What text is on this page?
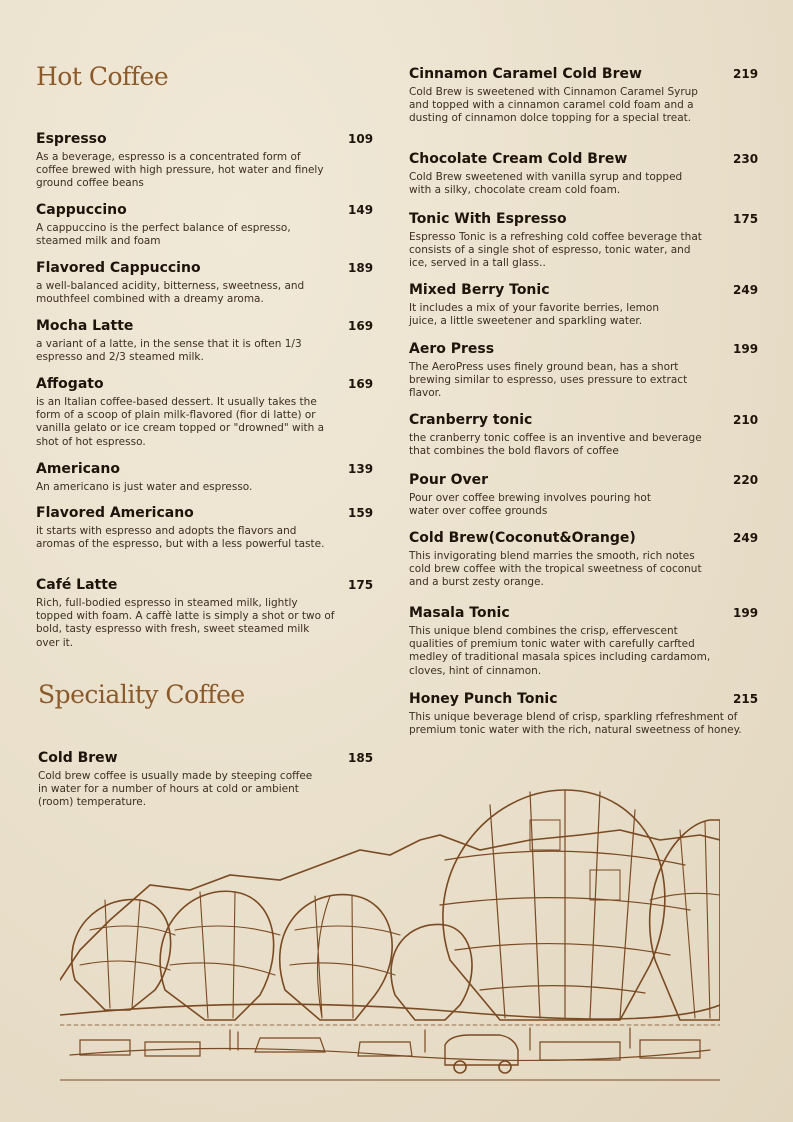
Hot Coffee
Espresso	109
As a beverage, espresso is a concentrated form of coffee brewed with high pressure, hot water and finely ground coffee beans
Cappuccino	149
A cappuccino is the perfect balance of espresso, steamed milk and foam
Flavored Cappuccino	189
a well-balanced acidity, bitterness, sweetness, and mouthfeel combined with a dreamy aroma.
Mocha Latte	169
a variant of a latte, in the sense that it is often 1/3 espresso and 2/3 steamed milk.
Affogato	169
is an Italian coffee-based dessert. It usually takes the form of a scoop of plain milk-flavored (fior di latte) or vanilla gelato or ice cream topped or "drowned" with a shot of hot espresso.
Americano	139
An americano is just water and espresso.
Flavored Americano	159
it starts with espresso and adopts the flavors and aromas of the espresso, but with a less powerful taste.
Café Latte	175
Rich, full-bodied espresso in steamed milk, lightly topped with foam. A caffè latte is simply a shot or two of bold, tasty espresso with fresh, sweet steamed milk over it.
Speciality Coffee
Cold Brew	185
Cold brew coffee is usually made by steeping coffee in water for a number of hours at cold or ambient (room) temperature.
Cinnamon Caramel Cold Brew	219
Cold Brew is sweetened with Cinnamon Caramel Syrup and topped with a cinnamon caramel cold foam and a dusting of cinnamon dolce topping for a special treat.
Chocolate Cream Cold Brew	230
Cold Brew sweetened with vanilla syrup and topped with a silky, chocolate cream cold foam.
Tonic With Espresso	175
Espresso Tonic is a refreshing cold coffee beverage that consists of a single shot of espresso, tonic water, and ice, served in a tall glass..
Mixed Berry Tonic	249
It includes a mix of your favorite berries, lemon juice, a little sweetener and sparkling water.
Aero Press	199
The AeroPress uses finely ground bean, has a short brewing similar to espresso, uses pressure to extract flavor.
Cranberry tonic	210
the cranberry tonic coffee is an inventive and beverage that combines the bold flavors of coffee
Pour Over	220
Pour over coffee brewing involves pouring hot water over coffee grounds
Cold Brew(Coconut&Orange)	249
This invigorating blend marries the smooth, rich notes cold brew coffee with the tropical sweetness of coconut and a burst zesty orange.
Masala Tonic	199
This unique blend combines the crisp, effervescent qualities of premium tonic water with carefully carfted medley of traditional masala spices including cardamom, cloves, hint of cinnamon.
Honey Punch Tonic	215
This unique beverage blend of crisp, sparkling rfefreshment of premium tonic water with the rich, natural sweetness of honey.
